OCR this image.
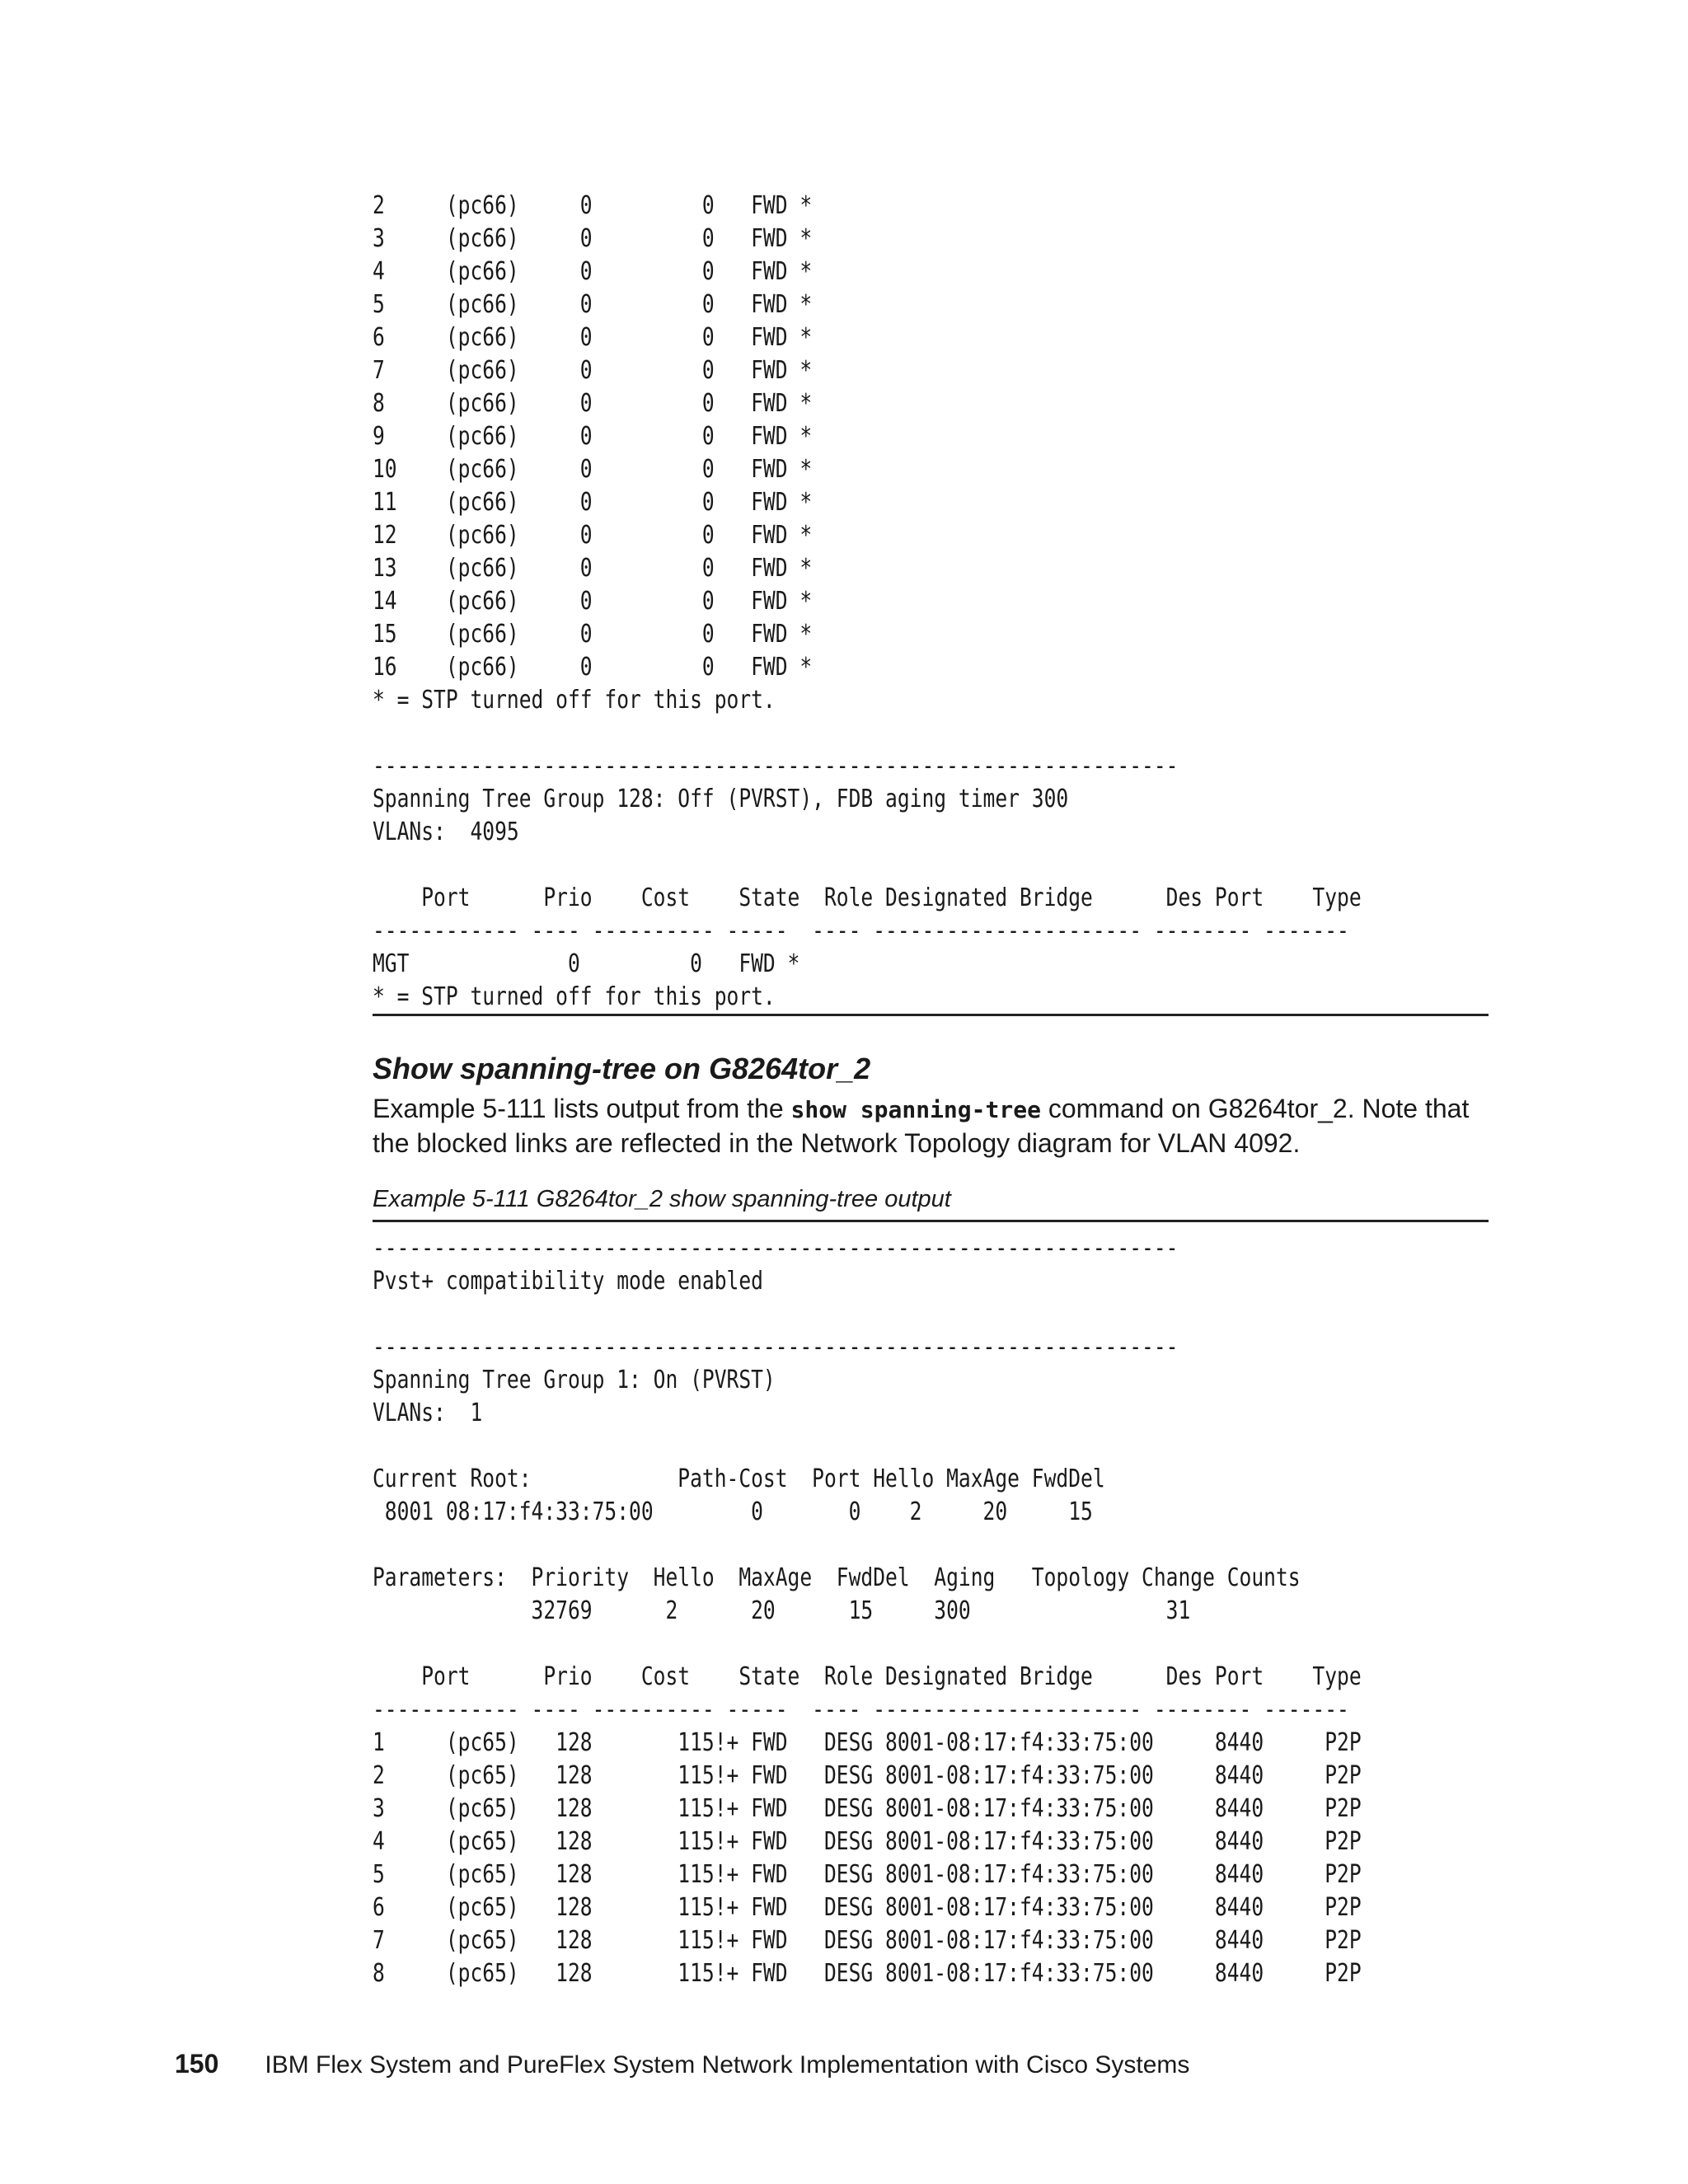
2     (pc66)     0         0   FWD *
3     (pc66)     0         0   FWD *
4     (pc66)     0         0   FWD *
5     (pc66)     0         0   FWD *
6     (pc66)     0         0   FWD *
7     (pc66)     0         0   FWD *
8     (pc66)     0         0   FWD *
9     (pc66)     0         0   FWD *
10    (pc66)     0         0   FWD *
11    (pc66)     0         0   FWD *
12    (pc66)     0         0   FWD *
13    (pc66)     0         0   FWD *
14    (pc66)     0         0   FWD *
15    (pc66)     0         0   FWD *
16    (pc66)     0         0   FWD *
* = STP turned off for this port.

------------------------------------------------------------------
Spanning Tree Group 128: Off (PVRST), FDB aging timer 300
VLANs:  4095

Port      Prio    Cost    State  Role Designated Bridge      Des Port    Type
------------ ---- ---------- -----  ---- ---------------------- -------- -------
MGT             0         0   FWD *
* = STP turned off for this port.
Show spanning-tree on G8264tor_2
Example 5-111 lists output from the show spanning-tree command on G8264tor_2. Note that the blocked links are reflected in the Network Topology diagram for VLAN 4092.
Example 5-111 G8264tor_2 show spanning-tree output
------------------------------------------------------------------
Pvst+ compatibility mode enabled

------------------------------------------------------------------
Spanning Tree Group 1: On (PVRST)
VLANs:  1

Current Root:            Path-Cost  Port Hello MaxAge FwdDel
8001 08:17:f4:33:75:00        0       0    2     20     15

Parameters:  Priority  Hello  MaxAge  FwdDel  Aging   Topology Change Counts
32769      2      20      15     300                31

Port      Prio    Cost    State  Role Designated Bridge      Des Port    Type
------------ ---- ---------- -----  ---- ---------------------- -------- -------
1     (pc65)   128       115!+ FWD   DESG 8001-08:17:f4:33:75:00     8440     P2P
2     (pc65)   128       115!+ FWD   DESG 8001-08:17:f4:33:75:00     8440     P2P
3     (pc65)   128       115!+ FWD   DESG 8001-08:17:f4:33:75:00     8440     P2P
4     (pc65)   128       115!+ FWD   DESG 8001-08:17:f4:33:75:00     8440     P2P
5     (pc65)   128       115!+ FWD   DESG 8001-08:17:f4:33:75:00     8440     P2P
6     (pc65)   128       115!+ FWD   DESG 8001-08:17:f4:33:75:00     8440     P2P
7     (pc65)   128       115!+ FWD   DESG 8001-08:17:f4:33:75:00     8440     P2P
8     (pc65)   128       115!+ FWD   DESG 8001-08:17:f4:33:75:00     8440     P2P
150 IBM Flex System and PureFlex System Network Implementation with Cisco Systems
